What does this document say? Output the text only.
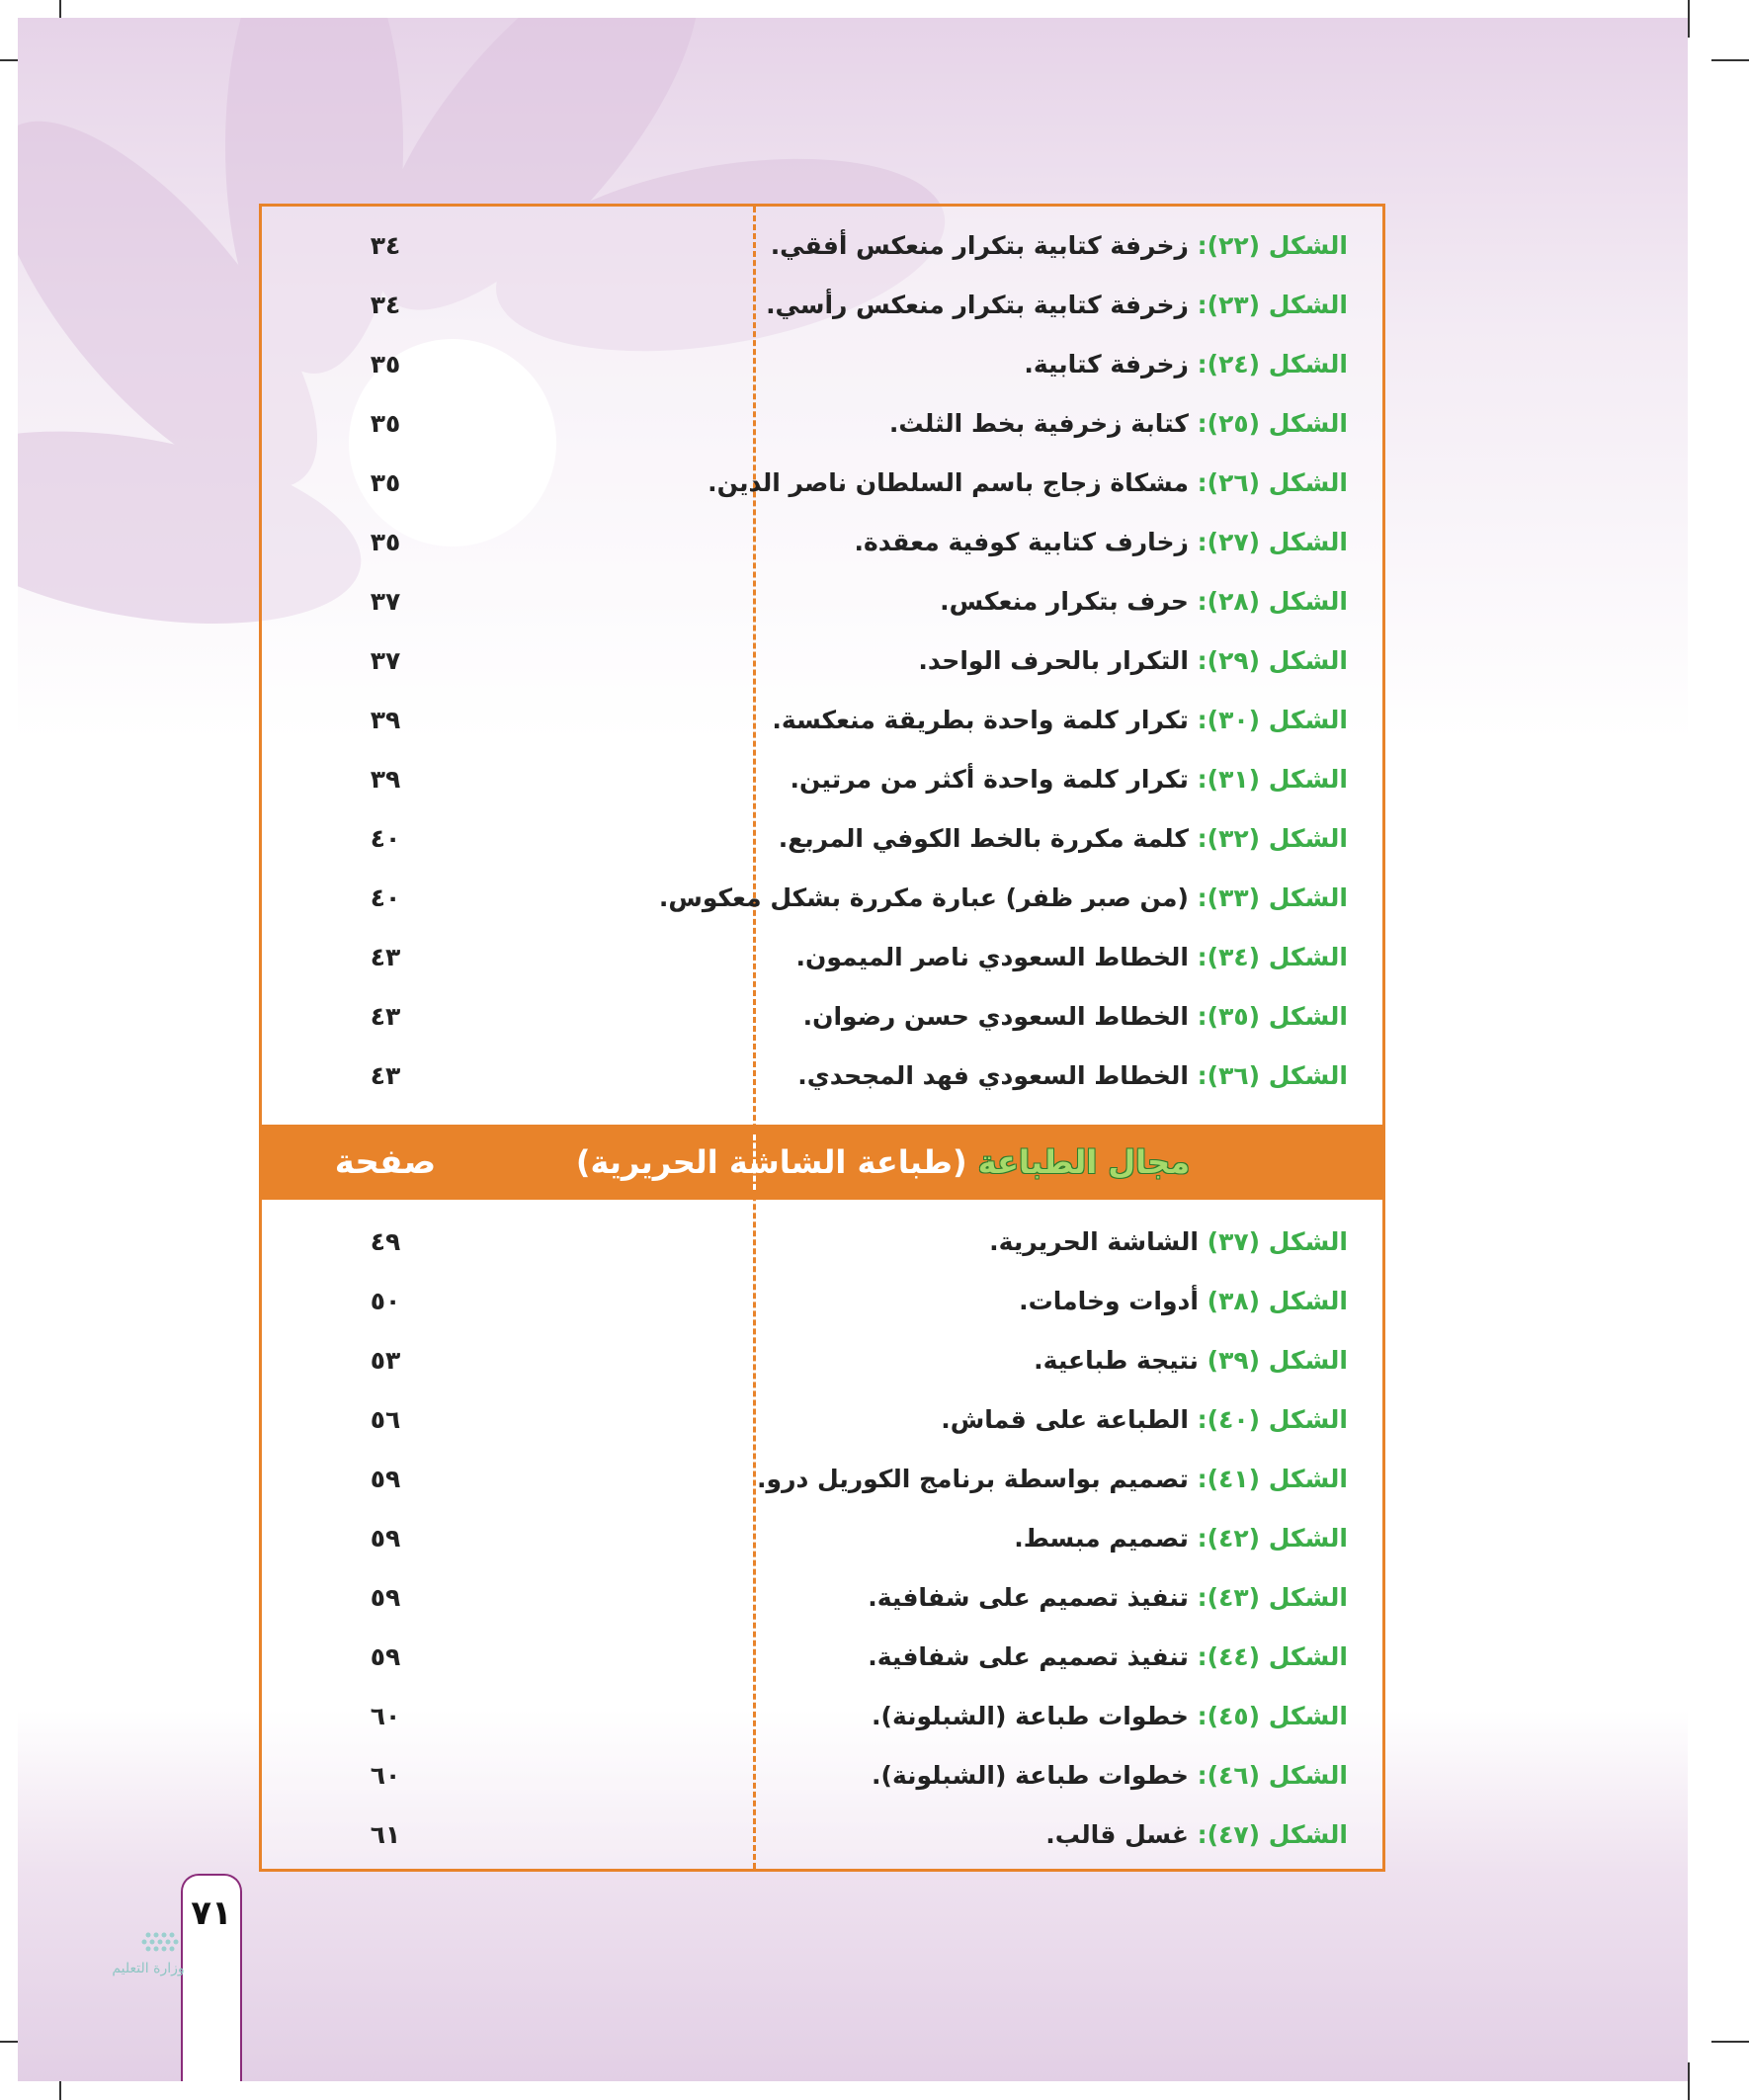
الشكل (٢٢): زخرفة كتابية بتكرار منعكس أفقي.
٣٤
الشكل (٢٣): زخرفة كتابية بتكرار منعكس رأسي.
٣٤
الشكل (٢٤): زخرفة كتابية.
٣٥
الشكل (٢٥): كتابة زخرفية بخط الثلث.
٣٥
الشكل (٢٦): مشكاة زجاج باسم السلطان ناصر الدين.
٣٥
الشكل (٢٧): زخارف كتابية كوفية معقدة.
٣٥
الشكل (٢٨): حرف بتكرار منعكس.
٣٧
الشكل (٢٩): التكرار بالحرف الواحد.
٣٧
الشكل (٣٠): تكرار كلمة واحدة بطريقة منعكسة.
٣٩
الشكل (٣١): تكرار كلمة واحدة أكثر من مرتين.
٣٩
الشكل (٣٢): كلمة مكررة بالخط الكوفي المربع.
٤٠
الشكل (٣٣): (من صبر ظفر) عبارة مكررة بشكل معكوس.
٤٠
الشكل (٣٤): الخطاط السعودي ناصر الميمون.
٤٣
الشكل (٣٥): الخطاط السعودي حسن رضوان.
٤٣
الشكل (٣٦): الخطاط السعودي فهد المجحدي.
٤٣
مجال الطباعة (طباعة الشاشة الحريرية)
صفحة
الشكل (٣٧) الشاشة الحريرية.
٤٩
الشكل (٣٨) أدوات وخامات.
٥٠
الشكل (٣٩) نتيجة طباعية.
٥٣
الشكل (٤٠): الطباعة على قماش.
٥٦
الشكل (٤١): تصميم بواسطة برنامج الكوريل درو.
٥٩
الشكل (٤٢): تصميم مبسط.
٥٩
الشكل (٤٣): تنفيذ تصميم على شفافية.
٥٩
الشكل (٤٤): تنفيذ تصميم على شفافية.
٥٩
الشكل (٤٥): خطوات طباعة (الشبلونة).
٦٠
الشكل (٤٦): خطوات طباعة (الشبلونة).
٦٠
الشكل (٤٧): غسل قالب.
٦١
٧١
وزارة التعليم
